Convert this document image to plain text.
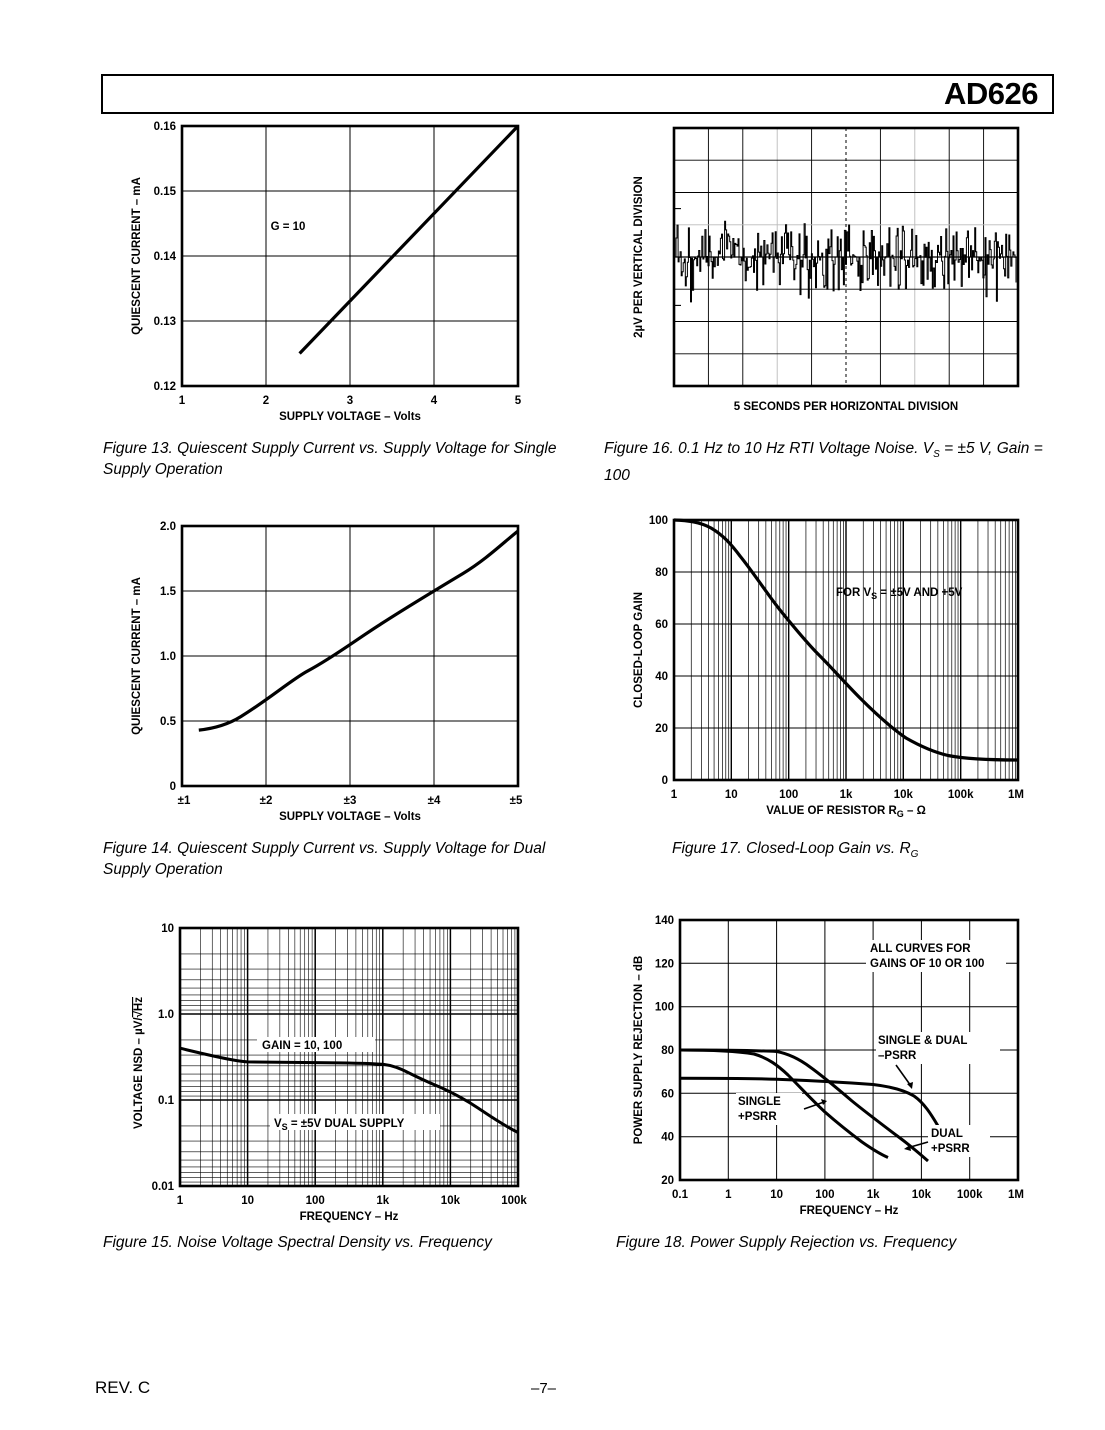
AD626
0.16
0.15
0.14
0.13
0.12
1	2	3	4	5
QUIESCENT CURRENT – mA
SUPPLY VOLTAGE – Volts
G = 10
Figure 13. Quiescent Supply Current vs. Supply Voltage for Single Supply Operation
2µV PER VERTICAL DIVISION
5 SECONDS PER HORIZONTAL DIVISION
Figure 16. 0.1 Hz to 10 Hz RTI Voltage Noise. $V_S = \pm 5$ V, Gain = 100
2.0
1.5
1.0
0.5
0
±1	±2	±3	±4	±5
QUIESCENT CURRENT – mA
SUPPLY VOLTAGE – Volts
Figure 14. Quiescent Supply Current vs. Supply Voltage for Dual Supply Operation
100
80
60
40
20
0
1	10	100	1k	10k	100k	1M
CLOSED-LOOP GAIN
VALUE OF RESISTOR $R_G$ – Ω
FOR $V_S = \pm 5V$ AND +5V
Figure 17. Closed-Loop Gain vs. $R_G$
10
1.0
0.1
0.01
1	10	100	1k	10k	100k
VOLTAGE NSD – µV/√Hz
FREQUENCY – Hz
GAIN = 10, 100
$V_S = \pm 5V$ DUAL SUPPLY
Figure 15. Noise Voltage Spectral Density vs. Frequency
140
120
100
80
60
40
20
0.1	1	10	100	1k	10k 100k 1M
POWER SUPPLY REJECTION – dB
FREQUENCY – Hz
ALL CURVES FOR
GAINS OF 10 OR 100
SINGLE & DUAL
–PSRR
SINGLE
+PSRR
DUAL
+PSRR
Figure 18. Power Supply Rejection vs. Frequency
REV. C	–7–
